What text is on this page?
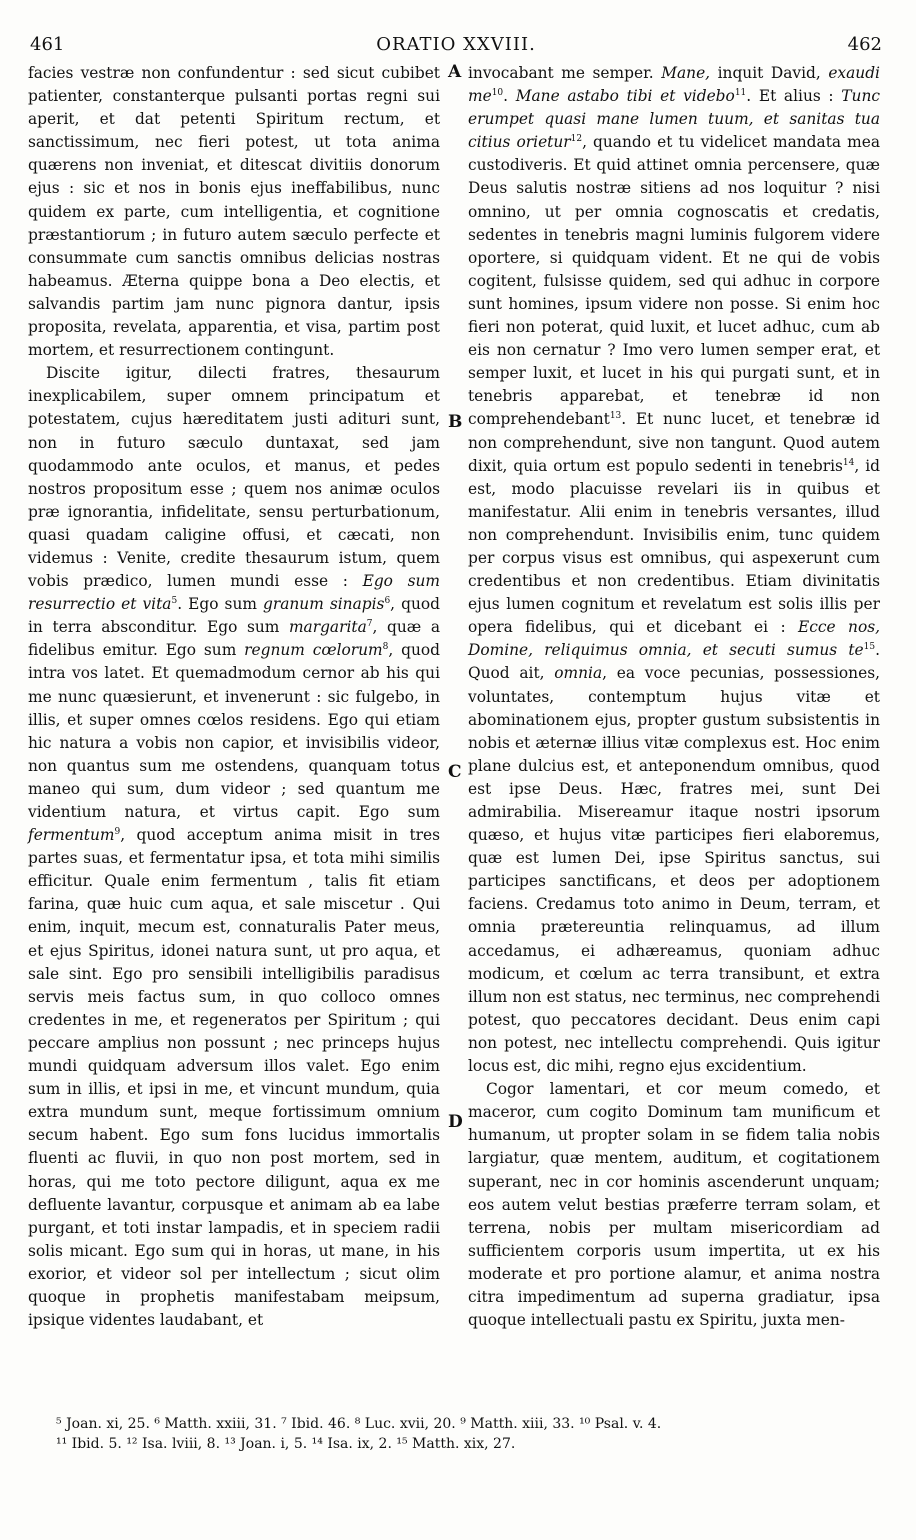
461	ORATIO XXVIII.	462

facies vestræ non confundentur : sed sicut cubibet patienter, constanterque pulsanti portas regni sui aperit, et dat petenti Spiritum rectum, et sanctissimum, nec fieri potest, ut tota anima quærens non inveniat, et ditescat divitiis donorum ejus : sic et nos in bonis ejus ineffabilibus, nunc quidem ex parte, cum intelligentia, et cognitione præstantiorum ; in futuro autem sæculo perfecte et consummate cum sanctis omnibus delicias nostras habeamus. Æterna quippe bona a Deo electis, et salvandis partim jam nunc pignora dantur, ipsis proposita, revelata, apparentia, et visa, partim post mortem, et resurrectionem contingunt.

Discite igitur, dilecti fratres, thesaurum inexplicabilem, super omnem principatum et potestatem, cujus hæreditatem justi adituri sunt, non in futuro sæculo duntaxat, sed jam quodammodo ante oculos, et manus, et pedes nostros propositum esse ; quem nos animæ oculos præ ignorantia, infidelitate, sensu perturbationum, quasi quadam caligine offusi, et cæcati, non videmus : Venite, credite thesaurum istum, quem vobis prædico, lumen mundi esse : Ego sum resurrectio et vita$^5$. Ego sum granum sinapis$^6$, quod in terra absconditur. Ego sum margarita$^7$, quæ a fidelibus emitur. Ego sum regnum cœlorum$^8$, quod intra vos latet. Et quemadmodum cernor ab his qui me nunc quæsierunt, et invenerunt : sic fulgebo, in illis, et super omnes cœlos residens. Ego qui etiam hic natura a vobis non capior, et invisibilis videor, non quantus sum me ostendens, quanquam totus maneo qui sum, dum videor ; sed quantum me videntium natura, et virtus capit. Ego sum fermentum$^9$, quod acceptum anima misit in tres partes suas, et fermentatur ipsa, et tota mihi similis efficitur. Quale enim fermentum , talis fit etiam farina, quæ huic cum aqua, et sale miscetur . Qui enim, inquit, mecum est, connaturalis Pater meus, et ejus Spiritus, idonei natura sunt, ut pro aqua, et sale sint. Ego pro sensibili intelligibilis paradisus servis meis factus sum, in quo colloco omnes credentes in me, et regeneratos per Spiritum ; qui peccare amplius non possunt ; nec princeps hujus mundi quidquam adversum illos valet. Ego enim sum in illis, et ipsi in me, et vincunt mundum, quia extra mundum sunt, meque fortissimum omnium secum habent. Ego sum fons lucidus immortalis fluenti ac fluvii, in quo non post mortem, sed in horas, qui me toto pectore diligunt, aqua ex me defluente lavantur, corpusque et animam ab ea labe purgant, et toti instar lampadis, et in speciem radii solis micant. Ego sum qui in horas, ut mane, in his exorior, et videor sol per intellectum ; sicut olim quoque in prophetis manifestabam meipsum, ipsique videntes laudabant, et

invocabant me semper. Mane, inquit David, exaudi $me^{10}$. Mane astabo tibi et videbo$^{11}$. Et alius : Tunc erumpet quasi mane lumen tuum, et sanitas tua citius orietur$^{12}$, quando et tu videlicet mandata mea custodiveris. Et quid attinet omnia percensere, quæ Deus salutis nostræ sitiens ad nos loquitur ? nisi omnino, ut per omnia cognoscatis et credatis, sedentes in tenebris magni luminis fulgorem videre oportere, si quidquam vident. Et ne qui de vobis cogitent, fulsisse quidem, sed qui adhuc in corpore sunt homines, ipsum videre non posse. Si enim hoc fieri non poterat, quid luxit, et lucet adhuc, cum ab eis non cernatur ? Imo vero lumen semper erat, et semper luxit, et lucet in his qui purgati sunt, et in tenebris apparebat, et tenebræ id non comprehendebant$^{13}$. Et nunc lucet, et tenebræ id non comprehendunt, sive non tangunt. Quod autem dixit, quia ortum est populo sedenti in tenebris$^{14}$, id est, modo placuisse revelari iis in quibus et manifestatur. Alii enim in tenebris versantes, illud non comprehendunt. Invisibilis enim, tunc quidem per corpus visus est omnibus, qui aspexerunt cum credentibus et non credentibus. Etiam divinitatis ejus lumen cognitum et revelatum est solis illis per opera fidelibus, qui et dicebant ei : Ecce nos, Domine, reliquimus omnia, et secuti sumus $te^{15}$. Quod ait, omnia, ea voce pecunias, possessiones, voluntates, contemptum hujus vitæ et abominationem ejus, propter gustum subsistentis in nobis et æternæ illius vitæ complexus est. Hoc enim plane dulcius est, et anteponendum omnibus, quod est ipse Deus. Hæc, fratres mei, sunt Dei admirabilia. Misereamur itaque nostri ipsorum quæso, et hujus vitæ participes fieri elaboremus, quæ est lumen Dei, ipse Spiritus sanctus, sui participes sanctificans, et deos per adoptionem faciens. Credamus toto animo in Deum, terram, et omnia prætereuntia relinquamus, ad illum accedamus, ei adhæreamus, quoniam adhuc modicum, et cœlum ac terra transibunt, et extra illum non est status, nec terminus, nec comprehendi potest, quo peccatores decidant. Deus enim capi non potest, nec intellectu comprehendi. Quis igitur locus est, dic mihi, regno ejus excidentium.

Cogor lamentari, et cor meum comedo, et maceror, cum cogito Dominum tam munificum et humanum, ut propter solam in se fidem talia nobis largiatur, quæ mentem, auditum, et cogitationem superant, nec in cor hominis ascenderunt unquam; eos autem velut bestias præferre terram solam, et terrena, nobis per multam misericordiam ad sufficientem corporis usum impertita, ut ex his moderate et pro portione alamur, et anima nostra citra impedimentum ad superna gradiatur, ipsa quoque intellectuali pastu ex Spiritu, juxta men-

A
B
C
D
⁵ Joan. xi, 25. ⁶ Matth. xxiii, 31. ⁷ Ibid. 46. ⁸ Luc. xvii, 20. ⁹ Matth. xiii, 33. ¹⁰ Psal. v. 4.
¹¹ Ibid. 5. ¹² Isa. lviii, 8. ¹³ Joan. i, 5. ¹⁴ Isa. ix, 2. ¹⁵ Matth. xix, 27.
